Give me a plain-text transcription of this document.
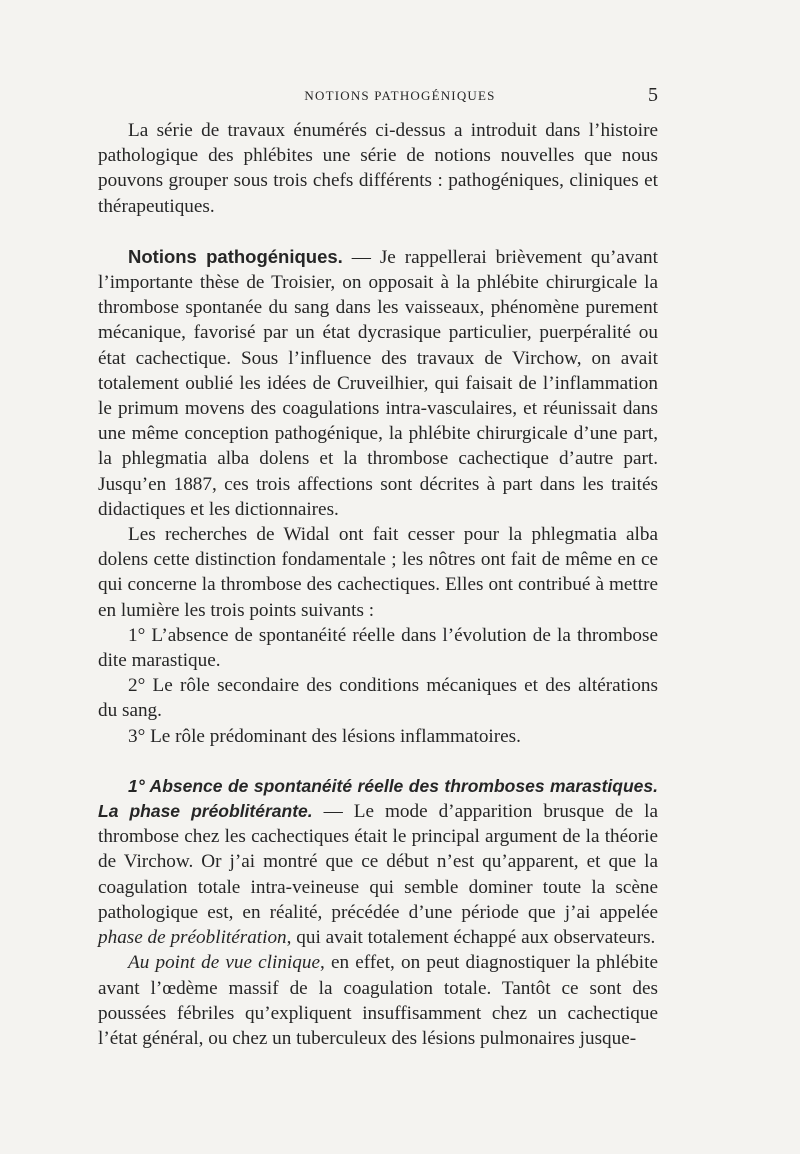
NOTIONS PATHOGÉNIQUES	5

La série de travaux énumérés ci-dessus a introduit dans l’histoire pathologique des phlébites une série de notions nouvelles que nous pouvons grouper sous trois chefs différents : pathogéniques, cliniques et thérapeutiques.

Notions pathogéniques. — Je rappellerai brièvement qu’avant l’importante thèse de Troisier, on opposait à la phlébite chirurgicale la thrombose spontanée du sang dans les vaisseaux, phénomène purement mécanique, favorisé par un état dycrasique particulier, puerpéralité ou état cachectique. Sous l’influence des travaux de Virchow, on avait totalement oublié les idées de Cruveilhier, qui faisait de l’inflammation le primum movens des coagulations intra-vasculaires, et réunissait dans une même conception pathogénique, la phlébite chirurgicale d’une part, la phlegmatia alba dolens et la thrombose cachectique d’autre part. Jusqu’en 1887, ces trois affections sont décrites à part dans les traités didactiques et les dictionnaires.

Les recherches de Widal ont fait cesser pour la phlegmatia alba dolens cette distinction fondamentale ; les nôtres ont fait de même en ce qui concerne la thrombose des cachectiques. Elles ont contribué à mettre en lumière les trois points suivants :

1° L’absence de spontanéité réelle dans l’évolution de la thrombose dite marastique.

2° Le rôle secondaire des conditions mécaniques et des altérations du sang.

3° Le rôle prédominant des lésions inflammatoires.

1° Absence de spontanéité réelle des thromboses marastiques. La phase préoblitérante. — Le mode d’apparition brusque de la thrombose chez les cachectiques était le principal argument de la théorie de Virchow. Or j’ai montré que ce début n’est qu’apparent, et que la coagulation totale intra-veineuse qui semble dominer toute la scène pathologique est, en réalité, précédée d’une période que j’ai appelée phase de préoblitération, qui avait totalement échappé aux observateurs.

Au point de vue clinique, en effet, on peut diagnostiquer la phlébite avant l’œdème massif de la coagulation totale. Tantôt ce sont des poussées fébriles qu’expliquent insuffisamment chez un cachectique l’état général, ou chez un tuberculeux des lésions pulmonaires jusque-
